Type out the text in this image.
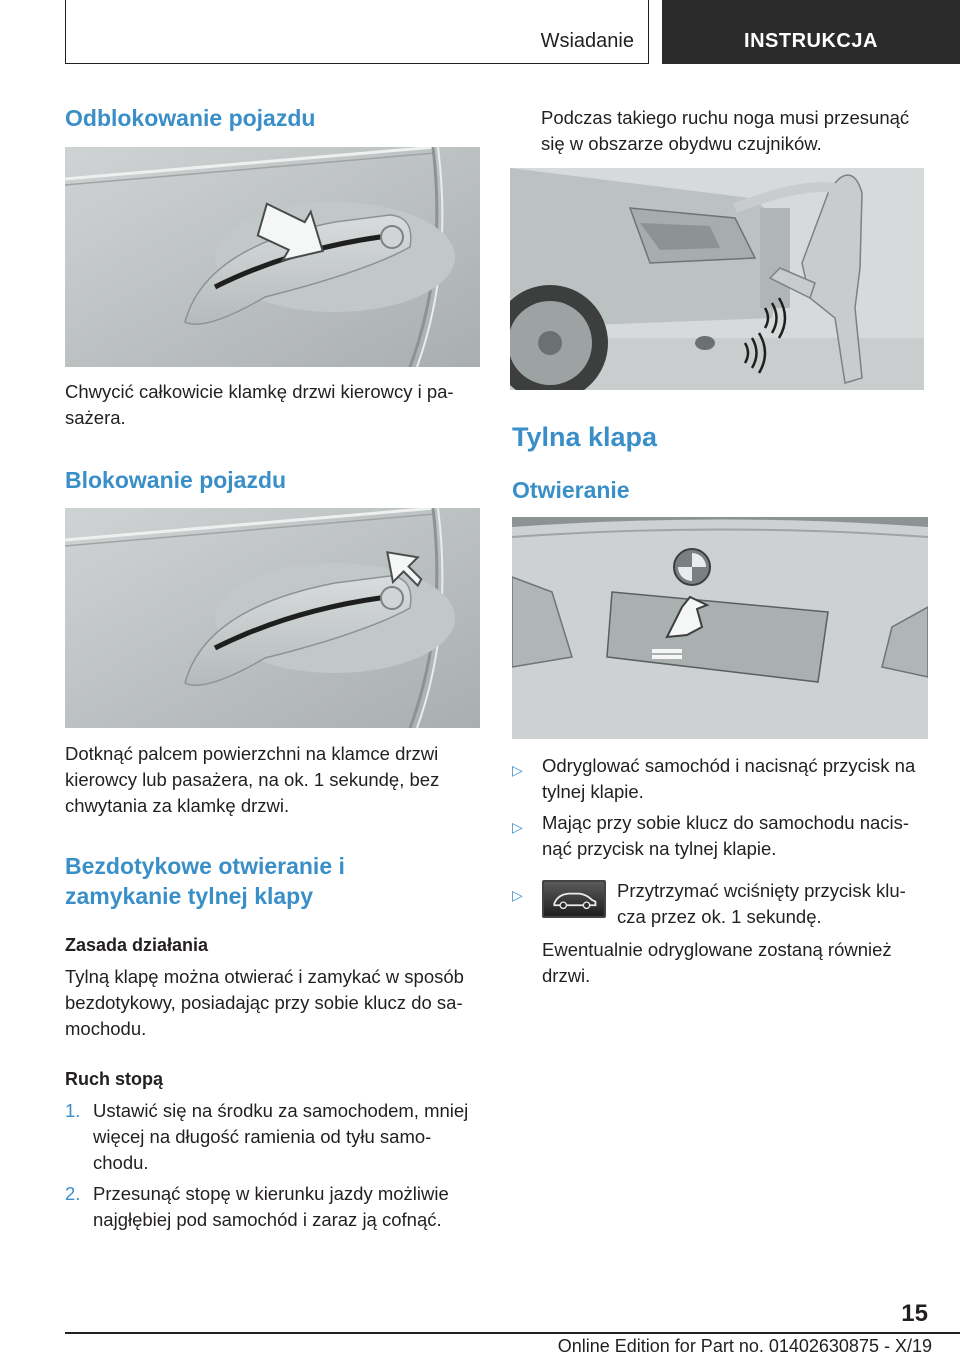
Wsiadanie	INSTRUKCJA
Odblokowanie pojazdu
Chwycić całkowicie klamkę drzwi kierowcy i pa‐
sażera.
Blokowanie pojazdu
Dotknąć palcem powierzchni na klamce drzwi
kierowcy lub pasażera, na ok. 1 sekundę, bez
chwytania za klamkę drzwi.
Bezdotykowe otwieranie i
zamykanie tylnej klapy
Zasada działania
Tylną klapę można otwierać i zamykać w sposób
bezdotykowy, posiadając przy sobie klucz do sa‐
mochodu.
Ruch stopą
1. Ustawić się na środku za samochodem, mniej
więcej na długość ramienia od tyłu samo‐
chodu.
2. Przesunąć stopę w kierunku jazdy możliwie
najgłębiej pod samochód i zaraz ją cofnąć.
Podczas takiego ruchu noga musi przesunąć
się w obszarze obydwu czujników.
Tylna klapa
Otwieranie
▷ Odryglować samochód i nacisnąć przycisk na
tylnej klapie.
▷ Mając przy sobie klucz do samochodu nacis‐
nąć przycisk na tylnej klapie.
▷	Przytrzymać wciśnięty przycisk klu‐
cza przez ok. 1 sekundę.
Ewentualnie odryglowane zostaną również
drzwi.
15
Online Edition for Part no. 01402630875 - X/19
